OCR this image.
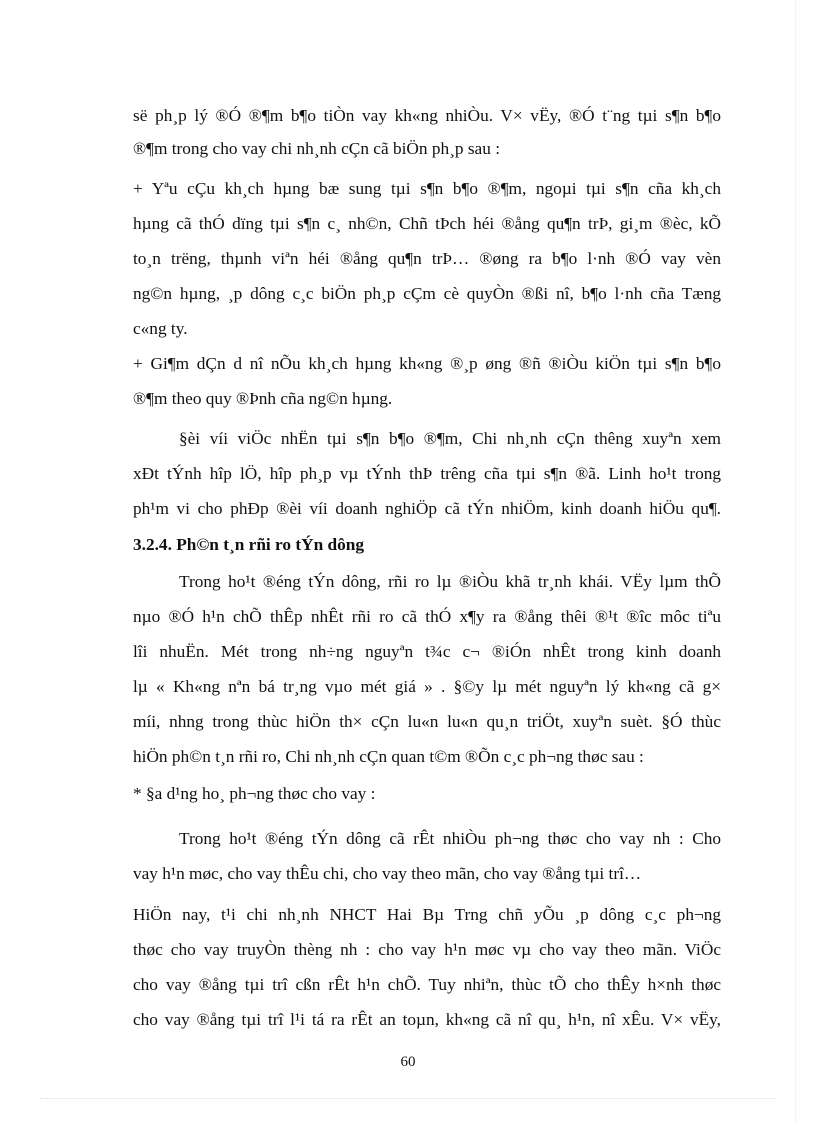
së ph¸p lý ®Ó ®¶m b¶o tiÒn vay kh«ng nhiÒu. V× vËy, ®Ó t¨ng tµi s¶n b¶o
®¶m trong cho vay chi nh¸nh cÇn cã biÖn ph¸p sau :
+ Yªu cÇu kh¸ch hµng bæ sung tµi s¶n b¶o ®¶m, ngoµi tµi s¶n cña kh¸ch
hµng cã thÓ dïng tµi s¶n c¸ nh©n, Chñ tÞch héi ®ång qu¶n trÞ, gi¸m ®èc, kÕ
to¸n trëng, thµnh viªn héi ®ång qu¶n trÞ… ®øng ra b¶o l·nh ®Ó vay vèn
ng©n hµng, ¸p dông c¸c biÖn ph¸p cÇm cè quyÒn ®ßi nî, b¶o l·nh cña Tæng
c«ng ty.
+ Gi¶m dÇn d nî nÕu kh¸ch hµng kh«ng ®¸p øng ®ñ ®iÒu kiÖn tµi s¶n b¶o
®¶m theo quy ®Þnh cña ng©n hµng.
§èi víi viÖc nhËn tµi s¶n b¶o ®¶m, Chi nh¸nh cÇn thêng xuyªn xem
xÐt tÝnh hîp lÖ, hîp ph¸p vµ tÝnh thÞ trêng cña tµi s¶n ®ã. Linh ho¹t trong
ph¹m vi cho phÐp ®èi víi doanh nghiÖp cã tÝn nhiÖm, kinh doanh hiÖu qu¶.
3.2.4. Ph©n t¸n rñi ro tÝn dông
Trong ho¹t ®éng tÝn dông, rñi ro lµ ®iÒu khã tr¸nh khái. VËy lµm thÕ
nµo ®Ó h¹n chÕ thÊp nhÊt rñi ro cã thÓ x¶y ra ®ång thêi ®¹t ®îc môc tiªu
lîi nhuËn. Mét trong nh÷ng nguyªn t¾c c¬ ®iÓn nhÊt trong kinh doanh
lµ « Kh«ng nªn bá tr¸ng vµo mét giá » . §©y lµ mét nguyªn lý kh«ng cã g×
míi, nhng trong thùc hiÖn th× cÇn lu«n lu«n qu¸n triÖt, xuyªn suèt. §Ó thùc
hiÖn ph©n t¸n rñi ro, Chi nh¸nh cÇn quan t©m ®Õn c¸c ph¬ng thøc sau :
* §a d¹ng ho¸ ph¬ng thøc cho vay :
Trong ho¹t ®éng tÝn dông cã rÊt nhiÒu ph¬ng thøc cho vay nh : Cho
vay h¹n møc, cho vay thÊu chi, cho vay theo mãn, cho vay ®ång tµi trî…
HiÖn nay, t¹i chi nh¸nh NHCT Hai Bµ Trng chñ yÕu ¸p dông c¸c ph¬ng
thøc cho vay truyÒn thèng nh : cho vay h¹n møc vµ cho vay theo mãn. ViÖc
cho vay ®ång tµi trî cßn rÊt h¹n chÕ. Tuy nhiªn, thùc tÕ cho thÊy h×nh thøc
cho vay ®ång tµi trî l¹i tá ra rÊt an toµn, kh«ng cã nî qu¸ h¹n, nî xÊu. V× vËy,
60
